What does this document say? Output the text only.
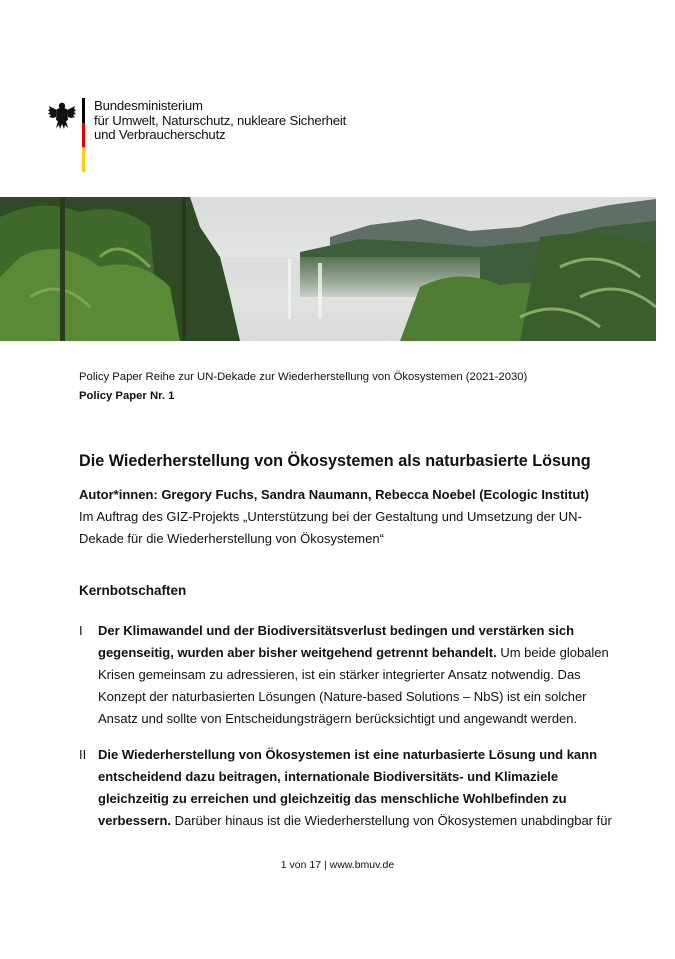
Bundesministerium
für Umwelt, Naturschutz, nukleare Sicherheit
und Verbraucherschutz
Policy Paper Reihe zur UN-Dekade zur Wiederherstellung von Ökosystemen (2021-2030)
Policy Paper Nr. 1
Die Wiederherstellung von Ökosystemen als naturbasierte Lösung
Autor*innen: Gregory Fuchs, Sandra Naumann, Rebecca Noebel (Ecologic Institut)
Im Auftrag des GIZ-Projekts „Unterstützung bei der Gestaltung und Umsetzung der UN-Dekade für die Wiederherstellung von Ökosystemen“
Kernbotschaften
I Der Klimawandel und der Biodiversitätsverlust bedingen und verstärken sich gegenseitig, wurden aber bisher weitgehend getrennt behandelt. Um beide globalen Krisen gemeinsam zu adressieren, ist ein stärker integrierter Ansatz notwendig. Das Konzept der naturbasierten Lösungen (Nature-based Solutions – NbS) ist ein solcher Ansatz und sollte von Entscheidungsträgern berücksichtigt und angewandt werden.
II Die Wiederherstellung von Ökosystemen ist eine naturbasierte Lösung und kann entscheidend dazu beitragen, internationale Biodiversitäts- und Klimaziele gleichzeitig zu erreichen und gleichzeitig das menschliche Wohlbefinden zu verbessern. Darüber hinaus ist die Wiederherstellung von Ökosystemen unabdingbar für
1 von 17 | www.bmuv.de
